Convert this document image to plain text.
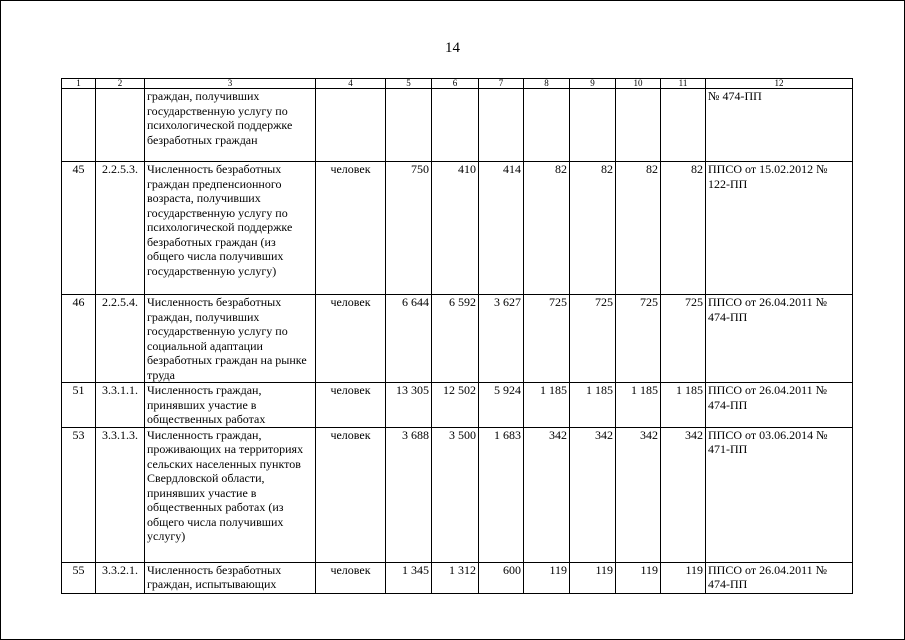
14
1	2	3	4	5	6	7	8	9	10	11	12
		граждан, получивших государственную услугу по психологической поддержке безработных граждан									№ 474-ПП
45	2.2.5.3.	Численность безработных граждан предпенсионного возраста, получивших государственную услугу по психологической поддержке безработных граждан (из общего числа получивших государственную услугу)	человек	750	410	414	82	82	82	82	ППСО от 15.02.2012 № 122-ПП
46	2.2.5.4.	Численность безработных граждан, получивших государственную услугу по социальной адаптации безработных граждан на рынке труда	человек	6 644	6 592	3 627	725	725	725	725	ППСО от 26.04.2011 № 474-ПП
51	3.3.1.1.	Численность граждан, принявших участие в общественных работах	человек	13 305	12 502	5 924	1 185	1 185	1 185	1 185	ППСО от 26.04.2011 № 474-ПП
53	3.3.1.3.	Численность граждан, проживающих на территориях сельских населенных пунктов Свердловской области, принявших участие в общественных работах (из общего числа получивших услугу)	человек	3 688	3 500	1 683	342	342	342	342	ППСО от 03.06.2014 № 471-ПП
55	3.3.2.1.	Численность безработных граждан, испытывающих	человек	1 345	1 312	600	119	119	119	119	ППСО от 26.04.2011 № 474-ПП
